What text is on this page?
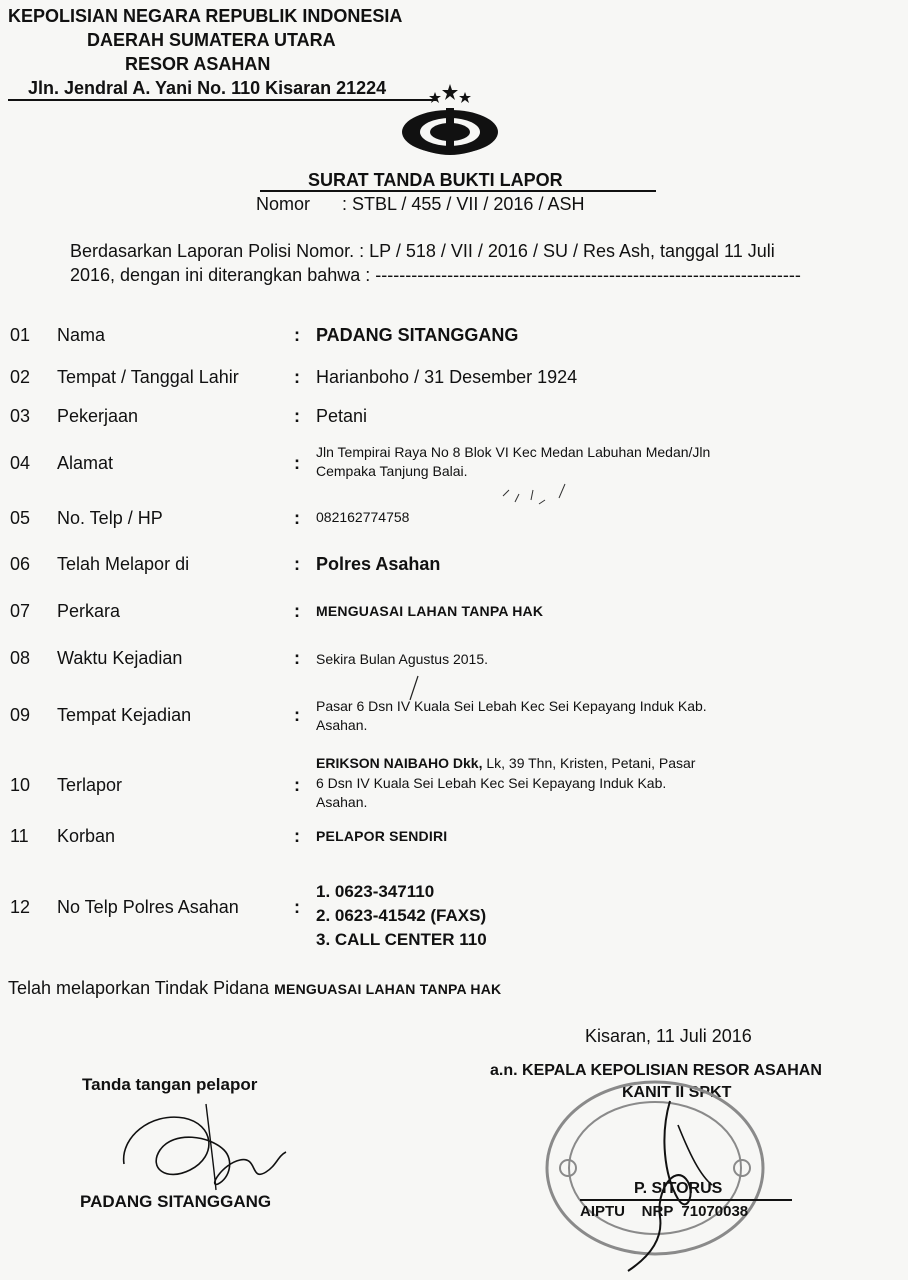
KEPOLISIAN NEGARA REPUBLIK INDONESIA
DAERAH SUMATERA UTARA
RESOR ASAHAN
Jln. Jendral A. Yani No. 110 Kisaran 21224
SURAT TANDA BUKTI LAPOR
Nomor : STBL / 455 / VII / 2016 / ASH
Berdasarkan Laporan Polisi Nomor. : LP / 518 / VII / 2016 / SU / Res Ash, tanggal 11 Juli
2016, dengan ini diterangkan bahwa : -----------------------------------------------------------------------
01 Nama	: PADANG SITANGGANG
02 Tempat / Tanggal Lahir	: Harianboho / 31 Desember 1924
03 Pekerjaan	: Petani
04 Alamat	:
Jln Tempirai Raya No 8 Blok VI Kec Medan Labuhan Medan/Jln
Cempaka Tanjung Balai.
05 No. Telp / HP	: 082162774758
06 Telah Melapor di	: Polres Asahan
07 Perkara	: MENGUASAI LAHAN TANPA HAK
08 Waktu Kejadian	: Sekira Bulan Agustus 2015.
09 Tempat Kejadian	: Pasar 6 Dsn IV Kuala Sei Lebah Kec Sei Kepayang Induk Kab.
Asahan.
10 Terlapor	:
ERIKSON NAIBAHO Dkk, Lk, 39 Thn, Kristen, Petani, Pasar
6 Dsn IV Kuala Sei Lebah Kec Sei Kepayang Induk Kab.
Asahan.
11 Korban	: PELAPOR SENDIRI
12 No Telp Polres Asahan	:
1. 0623-347110
2. 0623-41542 (FAXS)
3. CALL CENTER 110
Telah melaporkan Tindak Pidana MENGUASAI LAHAN TANPA HAK
Kisaran, 11 Juli 2016
a.n. KEPALA KEPOLISIAN RESOR ASAHAN
KANIT II SPKT
P. SITORUS
AIPTU    NRP  71070038
Tanda tangan pelapor
PADANG SITANGGANG
